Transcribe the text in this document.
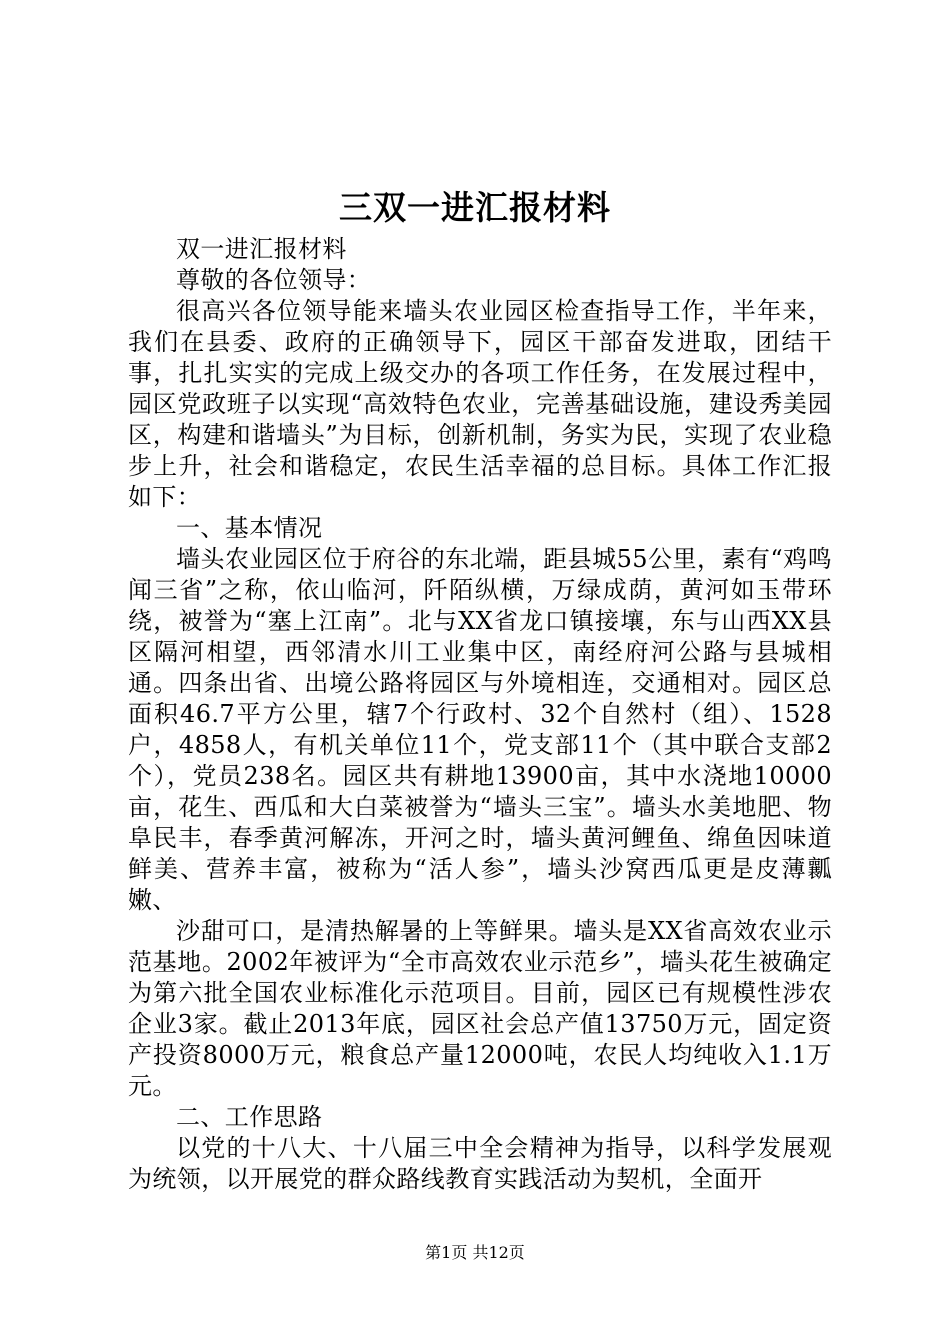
三双一进汇报材料

双一进汇报材料

尊敬的各位领导：

很高兴各位领导能来墙头农业园区检查指导工作，半年来，我们在县委、政府的正确领导下，园区干部奋发进取，团结干事，扎扎实实的完成上级交办的各项工作任务，在发展过程中，园区党政班子以实现“高效特色农业，完善基础设施，建设秀美园区，构建和谐墙头”为目标，创新机制，务实为民，实现了农业稳步上升，社会和谐稳定，农民生活幸福的总目标。具体工作汇报如下：

一、基本情况

墙头农业园区位于府谷的东北端，距县城55公里，素有“鸡鸣闻三省”之称，依山临河，阡陌纵横，万绿成荫，黄河如玉带环绕，被誉为“塞上江南”。北与XX省龙口镇接壤，东与山西XX县区隔河相望，西邻清水川工业集中区，南经府河公路与县城相通。四条出省、出境公路将园区与外境相连，交通相对。园区总面积46.7平方公里，辖7个行政村、32个自然村（组）、1528户，4858人，有机关单位11个，党支部11个（其中联合支部2个），党员238名。园区共有耕地13900亩，其中水浇地10000亩，花生、西瓜和大白菜被誉为“墙头三宝”。墙头水美地肥、物阜民丰，春季黄河解冻，开河之时，墙头黄河鲤鱼、绵鱼因味道鲜美、营养丰富，被称为“活人参”，墙头沙窝西瓜更是皮薄瓤嫩、

沙甜可口，是清热解暑的上等鲜果。墙头是XX省高效农业示范基地。2002年被评为“全市高效农业示范乡”，墙头花生被确定为第六批全国农业标准化示范项目。目前，园区已有规模性涉农企业3家。截止2013年底，园区社会总产值13750万元，固定资产投资8000万元，粮食总产量12000吨，农民人均纯收入1.1万元。

二、工作思路

以党的十八大、十八届三中全会精神为指导，以科学发展观为统领，以开展党的群众路线教育实践活动为契机，全面开

第1页 共12页
